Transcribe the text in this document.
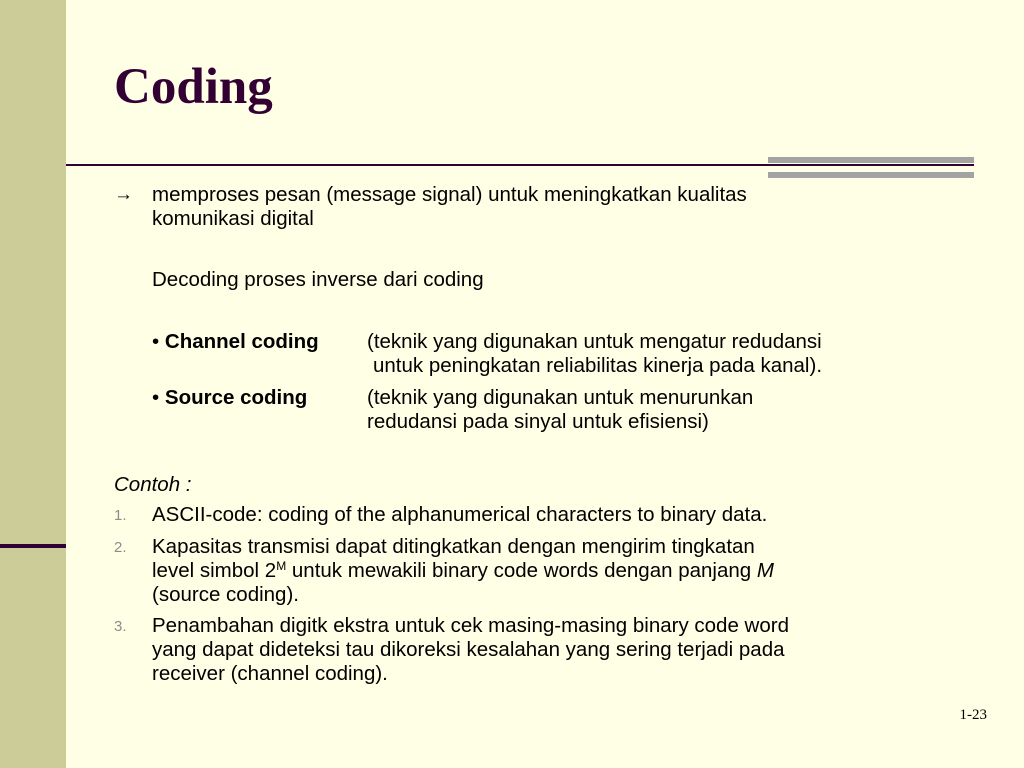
Coding
→ memproses pesan (message signal) untuk meningkatkan kualitas
komunikasi digital
Decoding proses inverse dari coding
• Channel coding (teknik yang digunakan untuk mengatur redudansi
untuk peningkatan reliabilitas kinerja pada kanal).
• Source coding	(teknik yang digunakan untuk menurunkan
redudansi pada sinyal untuk efisiensi)
Contoh :
1. ASCII-code: coding of the alphanumerical characters to binary data.
2. Kapasitas transmisi dapat ditingkatkan dengan mengirim tingkatan
level simbol $2^M$ untuk mewakili binary code words dengan panjang M
(source coding).
3. Penambahan digitk ekstra untuk cek masing-masing binary code word
yang dapat dideteksi tau dikoreksi kesalahan yang sering terjadi pada
receiver (channel coding).
1-23
